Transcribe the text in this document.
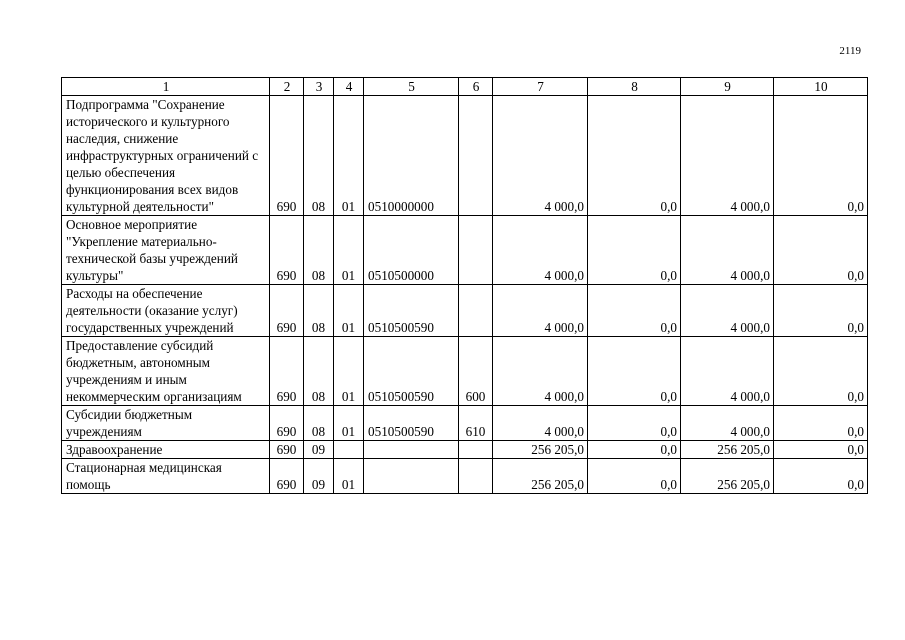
2119
1	2	3	4	5	6	7	8	9	10
Подпрограмма "Сохранение исторического и культурного наследия, снижение инфраструктурных ограничений с целью обеспечения функционирования всех видов культурной деятельности"	690	08	01	0510000000		4 000,0	0,0	4 000,0	0,0
Основное мероприятие "Укрепление материально-технической базы учреждений культуры"	690	08	01	0510500000		4 000,0	0,0	4 000,0	0,0
Расходы на обеспечение деятельности (оказание услуг) государственных учреждений	690	08	01	0510500590		4 000,0	0,0	4 000,0	0,0
Предоставление субсидий бюджетным, автономным учреждениям и иным некоммерческим организациям	690	08	01	0510500590	600	4 000,0	0,0	4 000,0	0,0
Субсидии бюджетным учреждениям	690	08	01	0510500590	610	4 000,0	0,0	4 000,0	0,0
Здравоохранение	690	09				256 205,0	0,0	256 205,0	0,0
Стационарная медицинская помощь	690	09	01			256 205,0	0,0	256 205,0	0,0
